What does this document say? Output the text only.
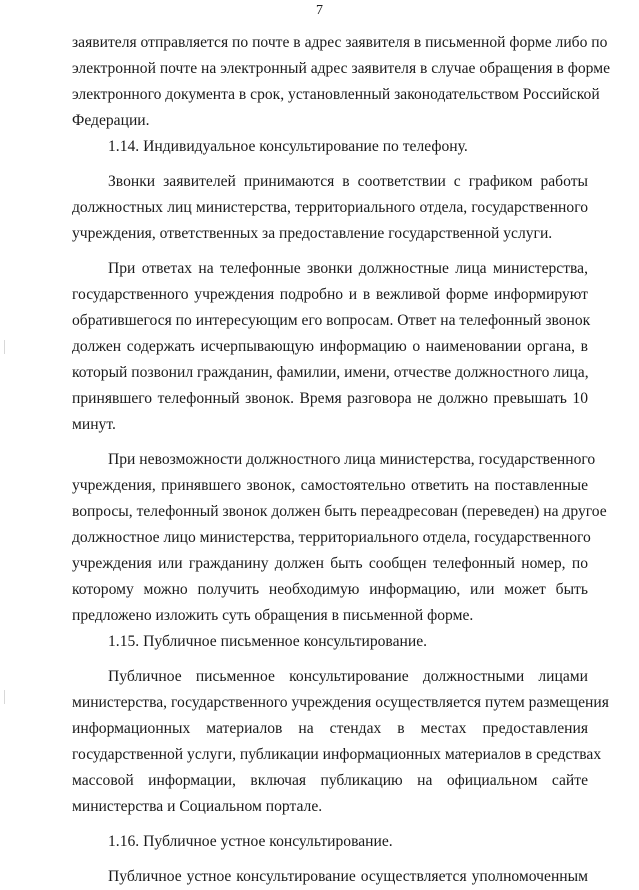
7
заявителя отправляется по почте в адрес заявителя в письменной форме либо по
электронной почте на электронный адрес заявителя в случае обращения в форме
электронного документа в срок, установленный законодательством Российской
Федерации.
1.14. Индивидуальное консультирование по телефону.
Звонки заявителей принимаются в соответствии с графиком работы
должностных лиц министерства, территориального отдела, государственного
учреждения, ответственных за предоставление государственной услуги.
При ответах на телефонные звонки должностные лица министерства,
государственного учреждения подробно и в вежливой форме информируют
обратившегося по интересующим его вопросам. Ответ на телефонный звонок
должен содержать исчерпывающую информацию о наименовании органа, в
который позвонил гражданин, фамилии, имени, отчестве должностного лица,
принявшего телефонный звонок. Время разговора не должно превышать 10
минут.
При невозможности должностного лица министерства, государственного
учреждения, принявшего звонок, самостоятельно ответить на поставленные
вопросы, телефонный звонок должен быть переадресован (переведен) на другое
должностное лицо министерства, территориального отдела, государственного
учреждения или гражданину должен быть сообщен телефонный номер, по
которому можно получить необходимую информацию, или может быть
предложено изложить суть обращения в письменной форме.
1.15. Публичное письменное консультирование.
Публичное письменное консультирование должностными лицами
министерства, государственного учреждения осуществляется путем размещения
информационных материалов на стендах в местах предоставления
государственной услуги, публикации информационных материалов в средствах
массовой информации, включая публикацию на официальном сайте
министерства и Социальном портале.
1.16. Публичное устное консультирование.
Публичное устное консультирование осуществляется уполномоченным
